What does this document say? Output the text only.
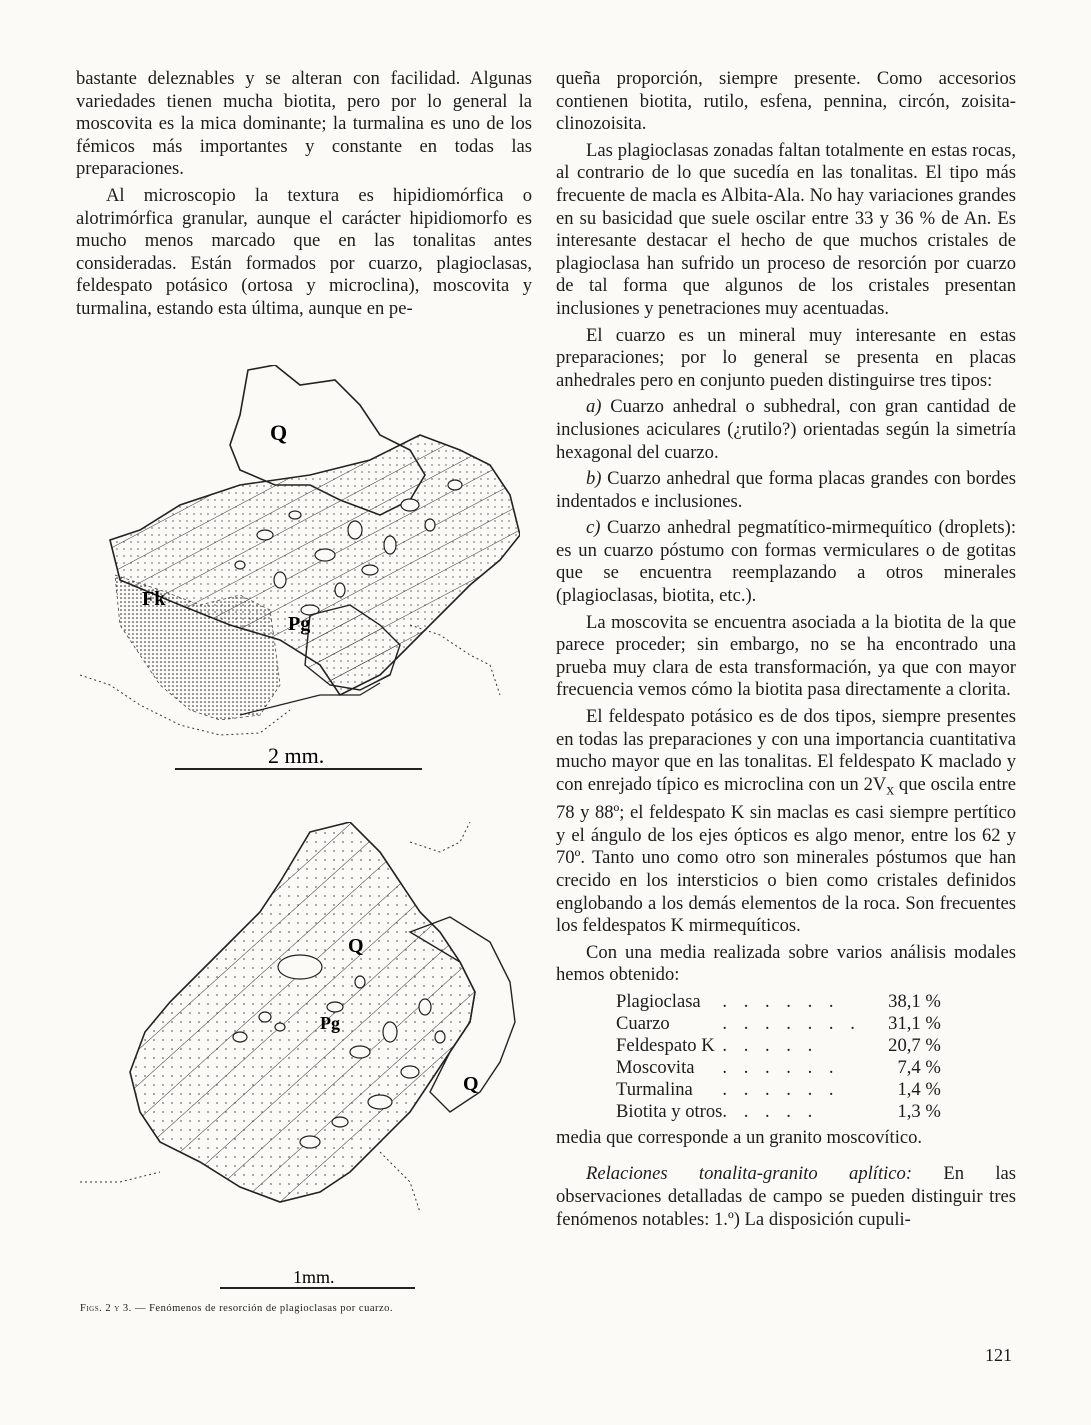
bastante deleznables y se alteran con facilidad. Algunas variedades tienen mucha biotita, pero por lo general la moscovita es la mica dominante; la turmalina es uno de los fémicos más importantes y constante en todas las preparaciones.

Al microscopio la textura es hipidiomórfica o alotrimórfica granular, aunque el carácter hipidiomorfo es mucho menos marcado que en las tonalitas antes consideradas. Están formados por cuarzo, plagioclasas, feldespato potásico (ortosa y microclina), moscovita y turmalina, estando esta última, aunque en pe-

Q
Fk
Pg
2 mm.
Q
Q
Pg
1mm.
Figs. 2 y 3. — Fenómenos de resorción de plagioclasas por cuarzo.

queña proporción, siempre presente. Como accesorios contienen biotita, rutilo, esfena, pennina, circón, zoisita-clinozoisita.

Las plagioclasas zonadas faltan totalmente en estas rocas, al contrario de lo que sucedía en las tonalitas. El tipo más frecuente de macla es Albita-Ala. No hay variaciones grandes en su basicidad que suele oscilar entre 33 y 36 % de An. Es interesante destacar el hecho de que muchos cristales de plagioclasa han sufrido un proceso de resorción por cuarzo de tal forma que algunos de los cristales presentan inclusiones y penetraciones muy acentuadas.

El cuarzo es un mineral muy interesante en estas preparaciones; por lo general se presenta en placas anhedrales pero en conjunto pueden distinguirse tres tipos:

a) Cuarzo anhedral o subhedral, con gran cantidad de inclusiones aciculares (¿rutilo?) orientadas según la simetría hexagonal del cuarzo.

b) Cuarzo anhedral que forma placas grandes con bordes indentados e inclusiones.

c) Cuarzo anhedral pegmatítico-mirmequítico (droplets): es un cuarzo póstumo con formas vermiculares o de gotitas que se encuentra reemplazando a otros minerales (plagioclasas, biotita, etc.).

La moscovita se encuentra asociada a la biotita de la que parece proceder; sin embargo, no se ha encontrado una prueba muy clara de esta transformación, ya que con mayor frecuencia vemos cómo la biotita pasa directamente a clorita.

El feldespato potásico es de dos tipos, siempre presentes en todas las preparaciones y con una importancia cuantitativa mucho mayor que en las tonalitas. El feldespato K maclado y con enrejado típico es microclina con un $2V_x$ que oscila entre 78 y 88º; el feldespato K sin maclas es casi siempre pertítico y el ángulo de los ejes ópticos es algo menor, entre los 62 y 70º. Tanto uno como otro son minerales póstumos que han crecido en los intersticios o bien como cristales definidos englobando a los demás elementos de la roca. Son frecuentes los feldespatos K mirmequíticos.

Con una media realizada sobre varios análisis modales hemos obtenido:

Plagioclasa	. . . . . .	38,1 %
Cuarzo	. . . . . . .	31,1 %
Feldespato K	. . . . .	20,7 %
Moscovita	. . . . . .	7,4 %
Turmalina	. . . . . .	1,4 %
Biotita y otros	. . . . .	1,3 %

media que corresponde a un granito moscovítico.

Relaciones tonalita-granito aplítico: En las observaciones detalladas de campo se pueden distinguir tres fenómenos notables: 1.º) La disposición cupuli-

121
